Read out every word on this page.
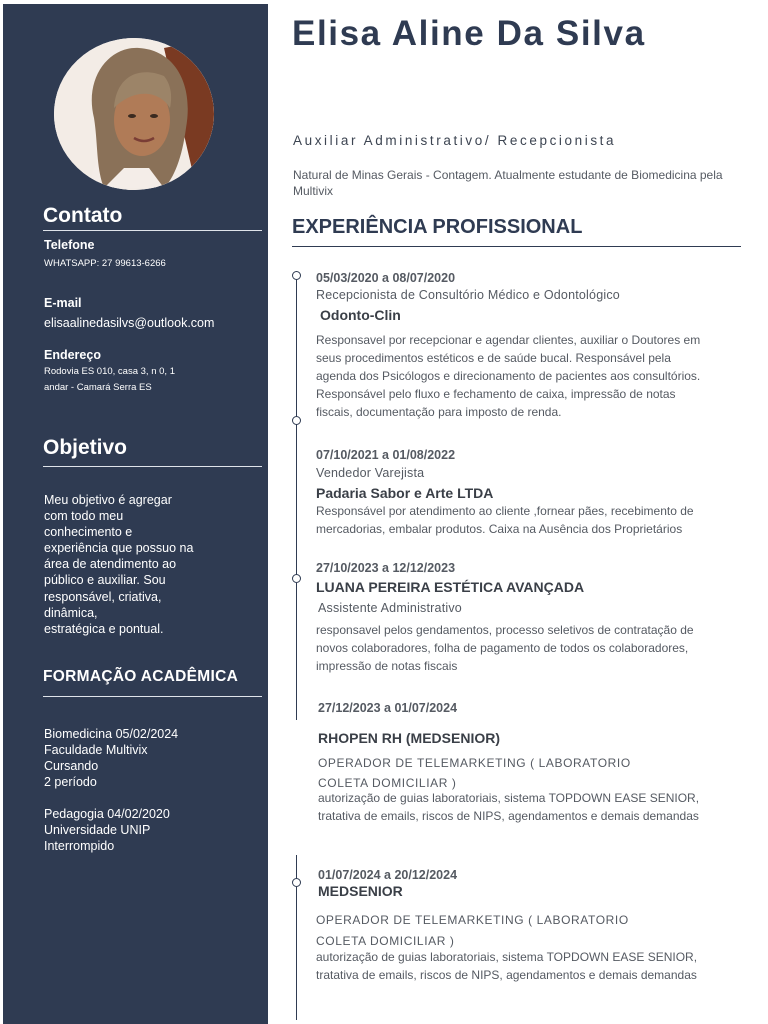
Contato
Telefone
WHATSAPP: 27 99613-6266
E-mail
elisaalinedasilvs@outlook.com
Endereço
Rodovia ES 010, casa 3, n 0, 1
andar - Camará Serra ES
Objetivo
Meu objetivo é agregar
com todo meu
conhecimento e
experiência que possuo na
área de atendimento ao
público e auxiliar. Sou
responsável, criativa,
dinâmica,
estratégica e pontual.
FORMAÇÃO ACADÊMICA
Biomedicina 05/02/2024
Faculdade Multivix
Cursando
2 período
Pedagogia 04/02/2020
Universidade UNIP
Interrompido
Elisa Aline Da Silva
Auxiliar Administrativo/ Recepcionista
Natural de Minas Gerais - Contagem. Atualmente estudante de Biomedicina pela Multivix
EXPERIÊNCIA PROFISSIONAL
05/03/2020 a 08/07/2020
Recepcionista de Consultório Médico e Odontológico
Odonto-Clin
Responsavel por recepcionar e agendar clientes, auxiliar o Doutores em
seus procedimentos estéticos e de saúde bucal. Responsável pela
agenda dos Psicólogos e direcionamento de pacientes aos consultórios.
Responsável pelo fluxo e fechamento de caixa, impressão de notas
fiscais, documentação para imposto de renda.
07/10/2021 a 01/08/2022
Vendedor Varejista
Padaria Sabor e Arte LTDA
Responsável por atendimento ao cliente ,fornear pães, recebimento de
mercadorias, embalar produtos. Caixa na Ausência dos Proprietários
27/10/2023 a 12/12/2023
LUANA PEREIRA ESTÉTICA AVANÇADA
Assistente Administrativo
responsavel pelos gendamentos, processo seletivos de contratação de
novos colaboradores, folha de pagamento de todos os colaboradores,
impressão de notas fiscais
27/12/2023 a 01/07/2024
RHOPEN RH (MEDSENIOR)
OPERADOR DE TELEMARKETING ( LABORATORIO
COLETA DOMICILIAR )
autorização de guias laboratoriais, sistema TOPDOWN EASE SENIOR,
tratativa de emails, riscos de NIPS, agendamentos e demais demandas
01/07/2024 a 20/12/2024
MEDSENIOR
OPERADOR DE TELEMARKETING ( LABORATORIO
COLETA DOMICILIAR )
autorização de guias laboratoriais, sistema TOPDOWN EASE SENIOR,
tratativa de emails, riscos de NIPS, agendamentos e demais demandas
